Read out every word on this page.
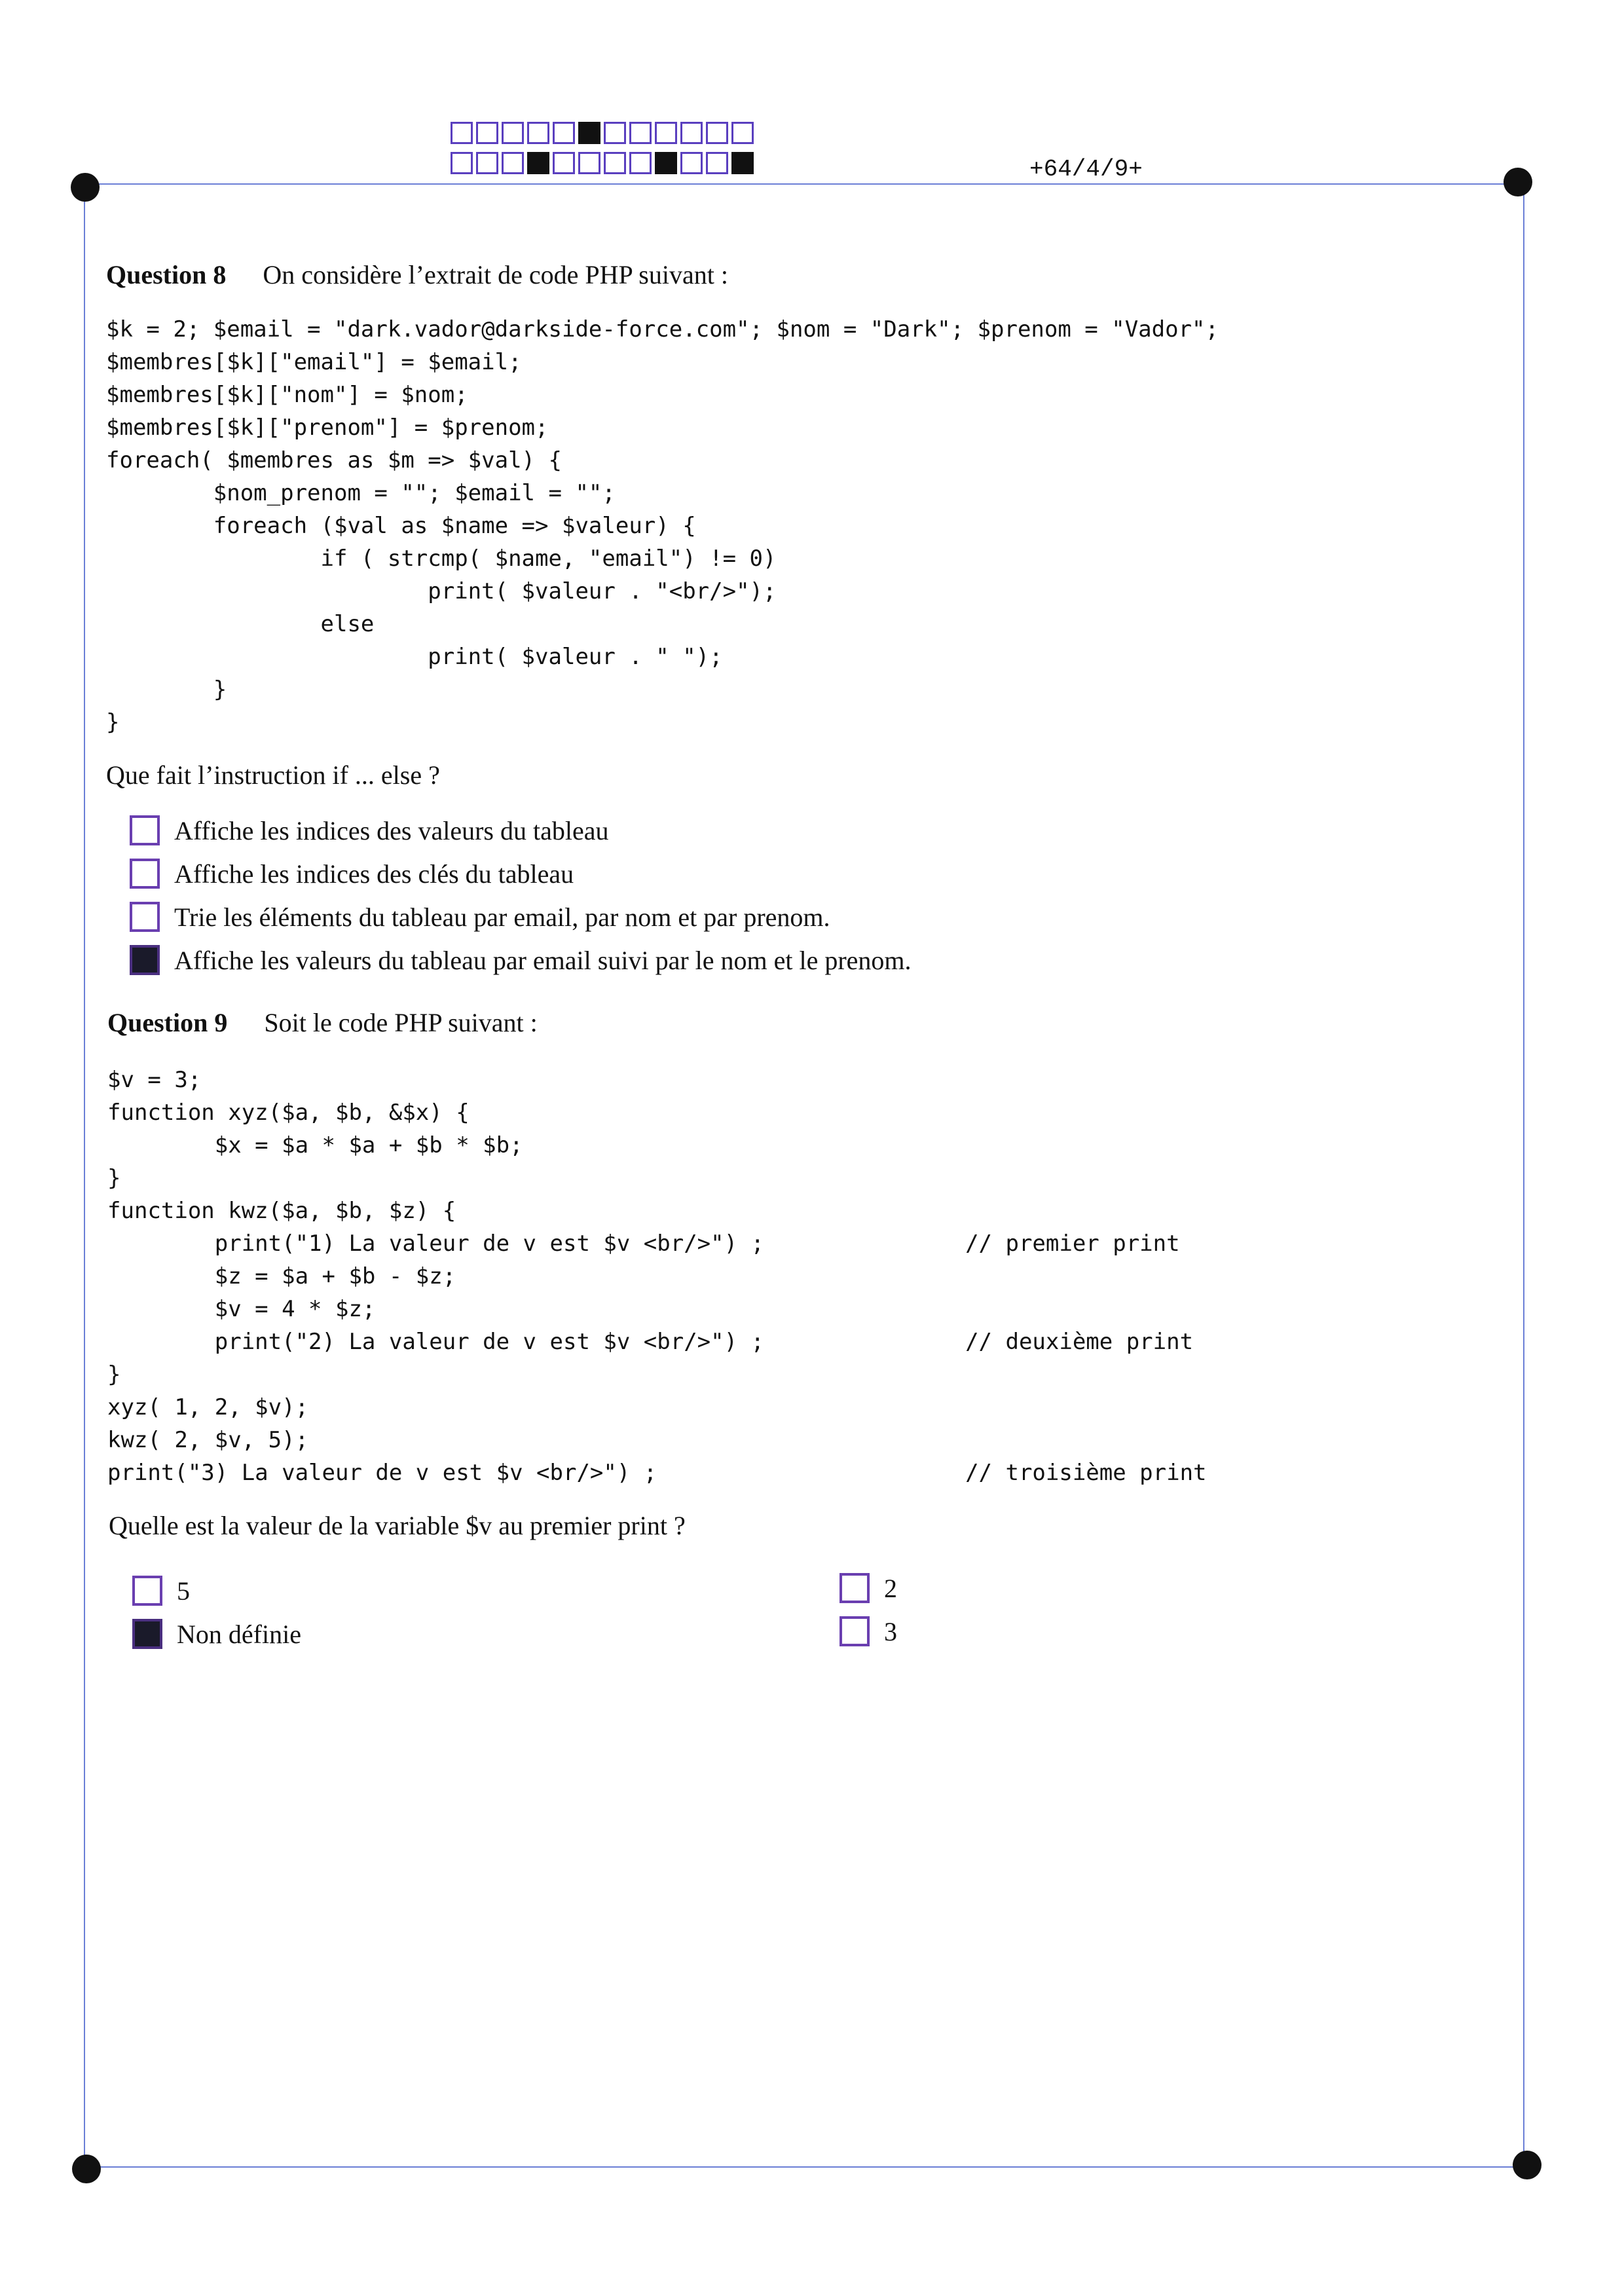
+64/4/9+
Question 8 On considère l’extrait de code PHP suivant :
$k = 2; $email = "dark.vador@darkside-force.com"; $nom = "Dark"; $prenom = "Vador";
$membres[$k]["email"] = $email;
$membres[$k]["nom"] = $nom;
$membres[$k]["prenom"] = $prenom;
foreach( $membres as $m => $val) {
$nom_prenom = ""; $email = "";
foreach ($val as $name => $valeur) {
if ( strcmp( $name, "email") != 0)
print( $valeur . "<br/>");
else
print( $valeur . " ");
}
}
Que fait l’instruction if ... else ?
Affiche les indices des valeurs du tableau
Affiche les indices des clés du tableau
Trie les éléments du tableau par email, par nom et par prenom.
Affiche les valeurs du tableau par email suivi par le nom et le prenom.
Question 9 Soit le code PHP suivant :
$v = 3;
function xyz($a, $b, &$x) {
$x = $a * $a + $b * $b;
}
function kwz($a, $b, $z) {
print("1) La valeur de v est $v <br/>") ;               // premier print
$z = $a + $b - $z;
$v = 4 * $z;
print("2) La valeur de v est $v <br/>") ;               // deuxième print
}
xyz( 1, 2, $v);
kwz( 2, $v, 5);
print("3) La valeur de v est $v <br/>") ;                       // troisième print
Quelle est la valeur de la variable $v au premier print ?
5
Non définie
2
3
